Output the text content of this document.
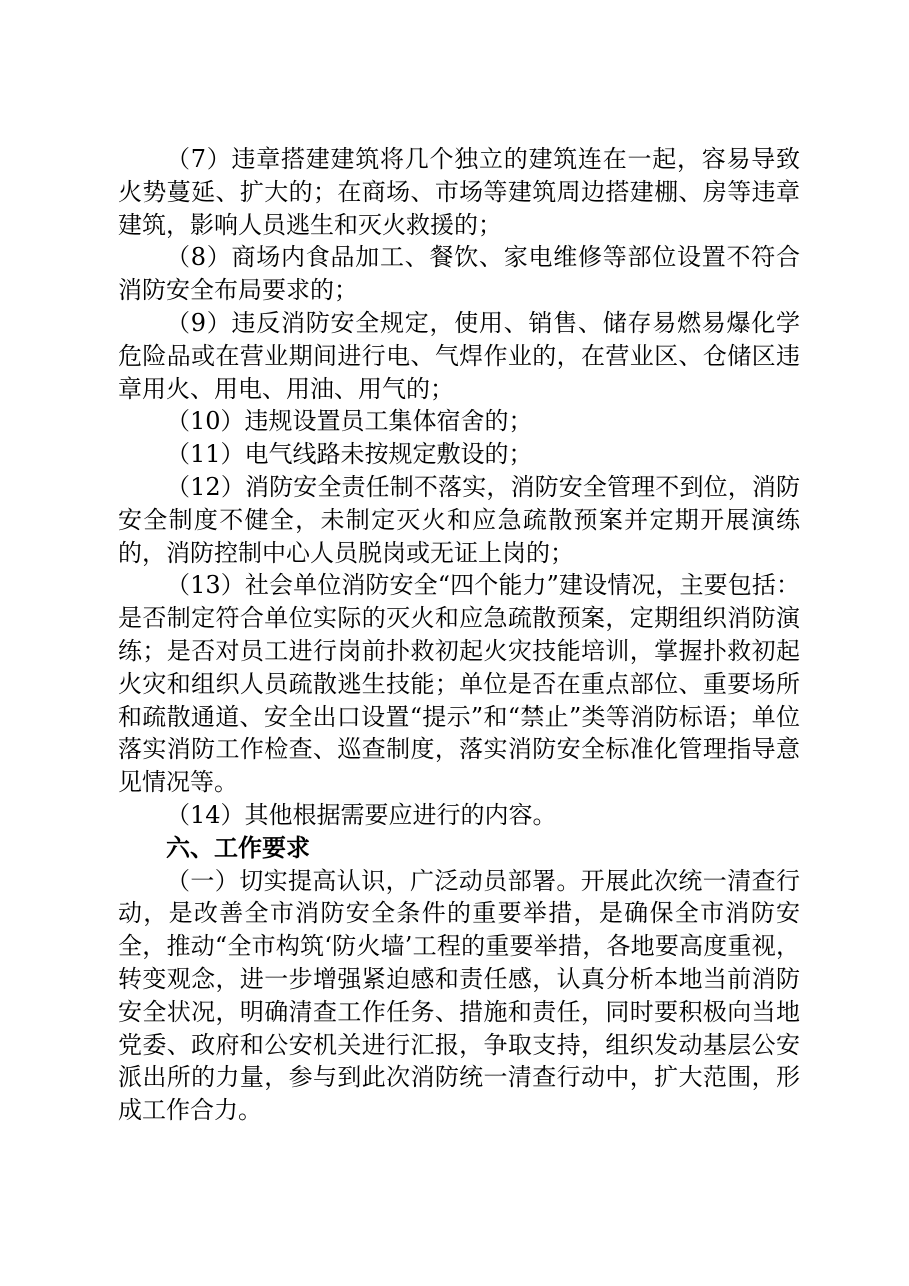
（7）违章搭建建筑将几个独立的建筑连在一起，容易导致火势蔓延、扩大的；在商场、市场等建筑周边搭建棚、房等违章建筑，影响人员逃生和灭火救援的；

（8）商场内食品加工、餐饮、家电维修等部位设置不符合消防安全布局要求的；

（9）违反消防安全规定，使用、销售、储存易燃易爆化学危险品或在营业期间进行电、气焊作业的，在营业区、仓储区违章用火、用电、用油、用气的；

（10）违规设置员工集体宿舍的；

（11）电气线路未按规定敷设的；

（12）消防安全责任制不落实，消防安全管理不到位，消防安全制度不健全，未制定灭火和应急疏散预案并定期开展演练的，消防控制中心人员脱岗或无证上岗的；

（13）社会单位消防安全“四个能力”建设情况，主要包括：是否制定符合单位实际的灭火和应急疏散预案，定期组织消防演练；是否对员工进行岗前扑救初起火灾技能培训，掌握扑救初起火灾和组织人员疏散逃生技能；单位是否在重点部位、重要场所和疏散通道、安全出口设置“提示”和“禁止”类等消防标语；单位落实消防工作检查、巡查制度，落实消防安全标准化管理指导意见情况等。

（14）其他根据需要应进行的内容。

六、工作要求

（一）切实提高认识，广泛动员部署。开展此次统一清查行动，是改善全市消防安全条件的重要举措，是确保全市消防安全，推动“全市构筑‘防火墙’工程的重要举措，各地要高度重视，转变观念，进一步增强紧迫感和责任感，认真分析本地当前消防安全状况，明确清查工作任务、措施和责任，同时要积极向当地党委、政府和公安机关进行汇报，争取支持，组织发动基层公安派出所的力量，参与到此次消防统一清查行动中，扩大范围，形成工作合力。
